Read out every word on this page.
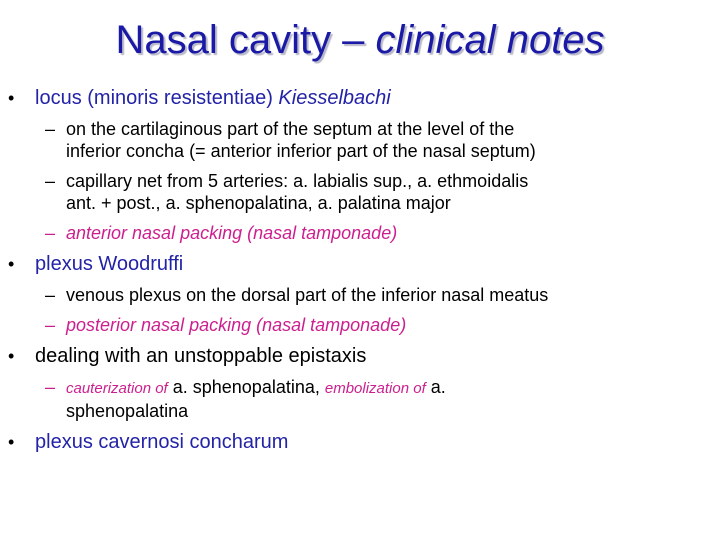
Nasal cavity – clinical notes
• locus (minoris resistentiae) Kiesselbachi
– on the cartilaginous part of the septum at the level of the
inferior concha (= anterior inferior part of the nasal septum)
– capillary net from 5 arteries: a. labialis sup., a. ethmoidalis
ant. + post., a. sphenopalatina, a. palatina major
– anterior nasal packing (nasal tamponade)
• plexus Woodruffi
– venous plexus on the dorsal part of the inferior nasal meatus
– posterior nasal packing (nasal tamponade)
• dealing with an unstoppable epistaxis
– cauterization of a. sphenopalatina, embolization of a.
sphenopalatina
• plexus cavernosi concharum
